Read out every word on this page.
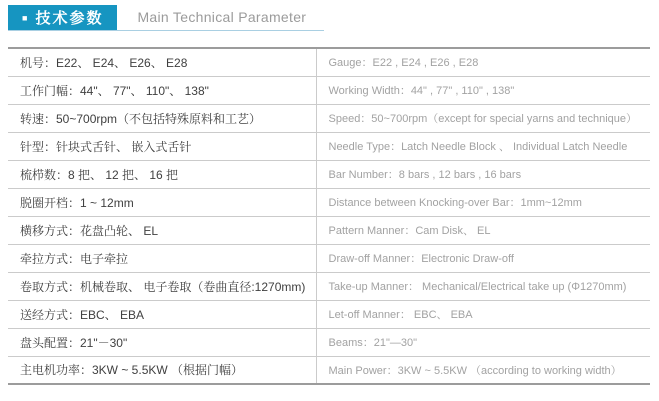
■ 技术参数 Main Technical Parameter
机号：E22、 E24、 E26、 E28	Gauge：E22 , E24 , E26 , E28
工作门幅：44"、 77"、 110"、 138"	Working Width：44" , 77" , 110" , 138"
转速：50~700rpm（不包括特殊原料和工艺）	Speed：50~700rpm（except for special yarns and technique）
针型：针块式舌针、 嵌入式舌针	Needle Type：Latch Needle Block 、 Individual Latch Needle
梳栉数：8 把、 12 把、 16 把	Bar Number：8 bars , 12 bars , 16 bars
脱圈开档：1 ~ 12mm	Distance between Knocking-over Bar：1mm~12mm
横移方式：花盘凸轮、 EL	Pattern Manner：Cam Disk、 EL
牵拉方式：电子牵拉	Draw-off Manner：Electronic Draw-off
卷取方式：机械卷取、 电子卷取（卷曲直径:1270mm)	Take-up Manner： Mechanical/Electrical take up (Φ1270mm)
送经方式：EBC、 EBA	Let-off Manner： EBC、 EBA
盘头配置：21"－30"	Beams：21"—30"
主电机功率：3KW ~ 5.5KW （根据门幅）	Main Power：3KW ~ 5.5KW （according to working width）
